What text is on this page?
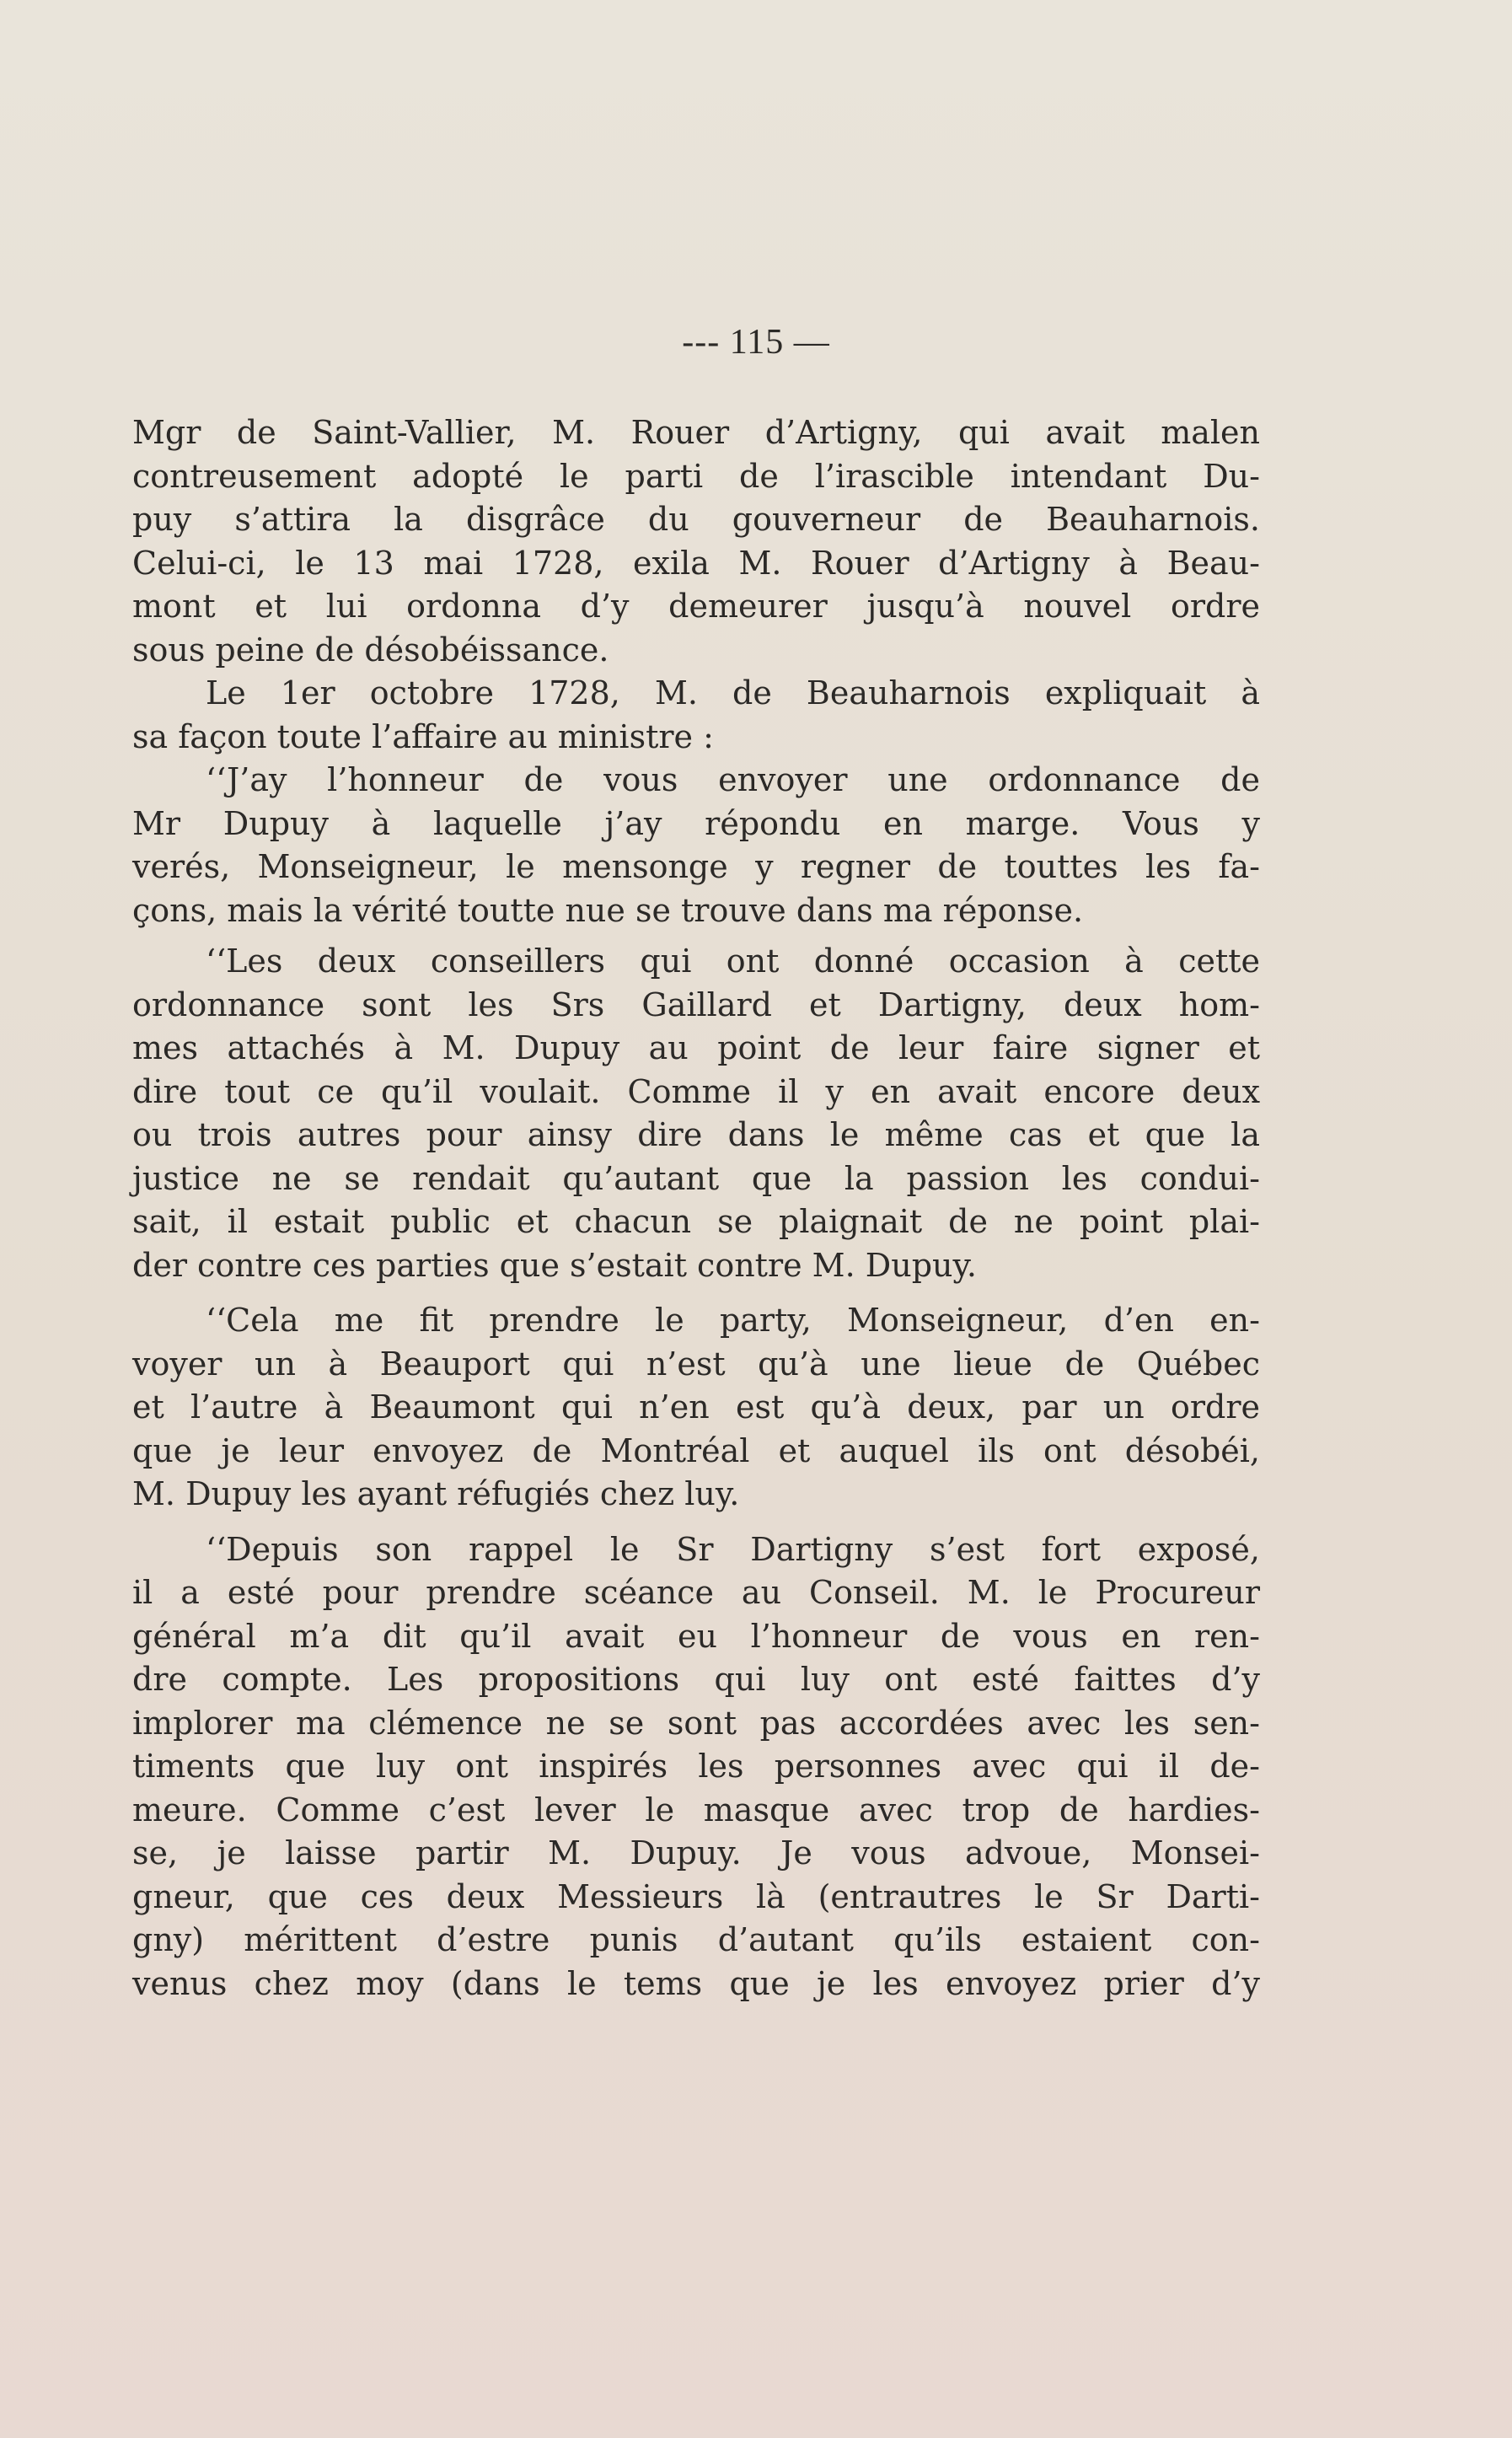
--- 115 —
Mgr de Saint-Vallier, M. Rouer d’Artigny, qui avait malen
contreusement adopté le parti de l’irascible intendant Du-
puy s’attira la disgrâce du gouverneur de Beauharnois.
Celui-ci, le 13 mai 1728, exila M. Rouer d’Artigny à Beau-
mont et lui ordonna d’y demeurer jusqu’à nouvel ordre
sous peine de désobéissance.
Le 1er octobre 1728, M. de Beauharnois expliquait à
sa façon toute l’affaire au ministre :
‘‘J’ay l’honneur de vous envoyer une ordonnance de
Mr Dupuy à laquelle j’ay répondu en marge. Vous y
verés, Monseigneur, le mensonge y regner de touttes les fa-
çons, mais la vérité toutte nue se trouve dans ma réponse.
‘‘Les deux conseillers qui ont donné occasion à cette
ordonnance sont les Srs Gaillard et Dartigny, deux hom-
mes attachés à M. Dupuy au point de leur faire signer et
dire tout ce qu’il voulait. Comme il y en avait encore deux
ou trois autres pour ainsy dire dans le même cas et que la
justice ne se rendait qu’autant que la passion les condui-
sait, il estait public et chacun se plaignait de ne point plai-
der contre ces parties que s’estait contre M. Dupuy.
‘‘Cela me fit prendre le party, Monseigneur, d’en en-
voyer un à Beauport qui n’est qu’à une lieue de Québec
et l’autre à Beaumont qui n’en est qu’à deux, par un ordre
que je leur envoyez de Montréal et auquel ils ont désobéi,
M. Dupuy les ayant réfugiés chez luy.
‘‘Depuis son rappel le Sr Dartigny s’est fort exposé,
il a esté pour prendre scéance au Conseil. M. le Procureur
général m’a dit qu’il avait eu l’honneur de vous en ren-
dre compte. Les propositions qui luy ont esté faittes d’y
implorer ma clémence ne se sont pas accordées avec les sen-
timents que luy ont inspirés les personnes avec qui il de-
meure. Comme c’est lever le masque avec trop de hardies-
se, je laisse partir M. Dupuy. Je vous advoue, Monsei-
gneur, que ces deux Messieurs là (entrautres le Sr Darti-
gny) mérittent d’estre punis d’autant qu’ils estaient con-
venus chez moy (dans le tems que je les envoyez prier d’y
